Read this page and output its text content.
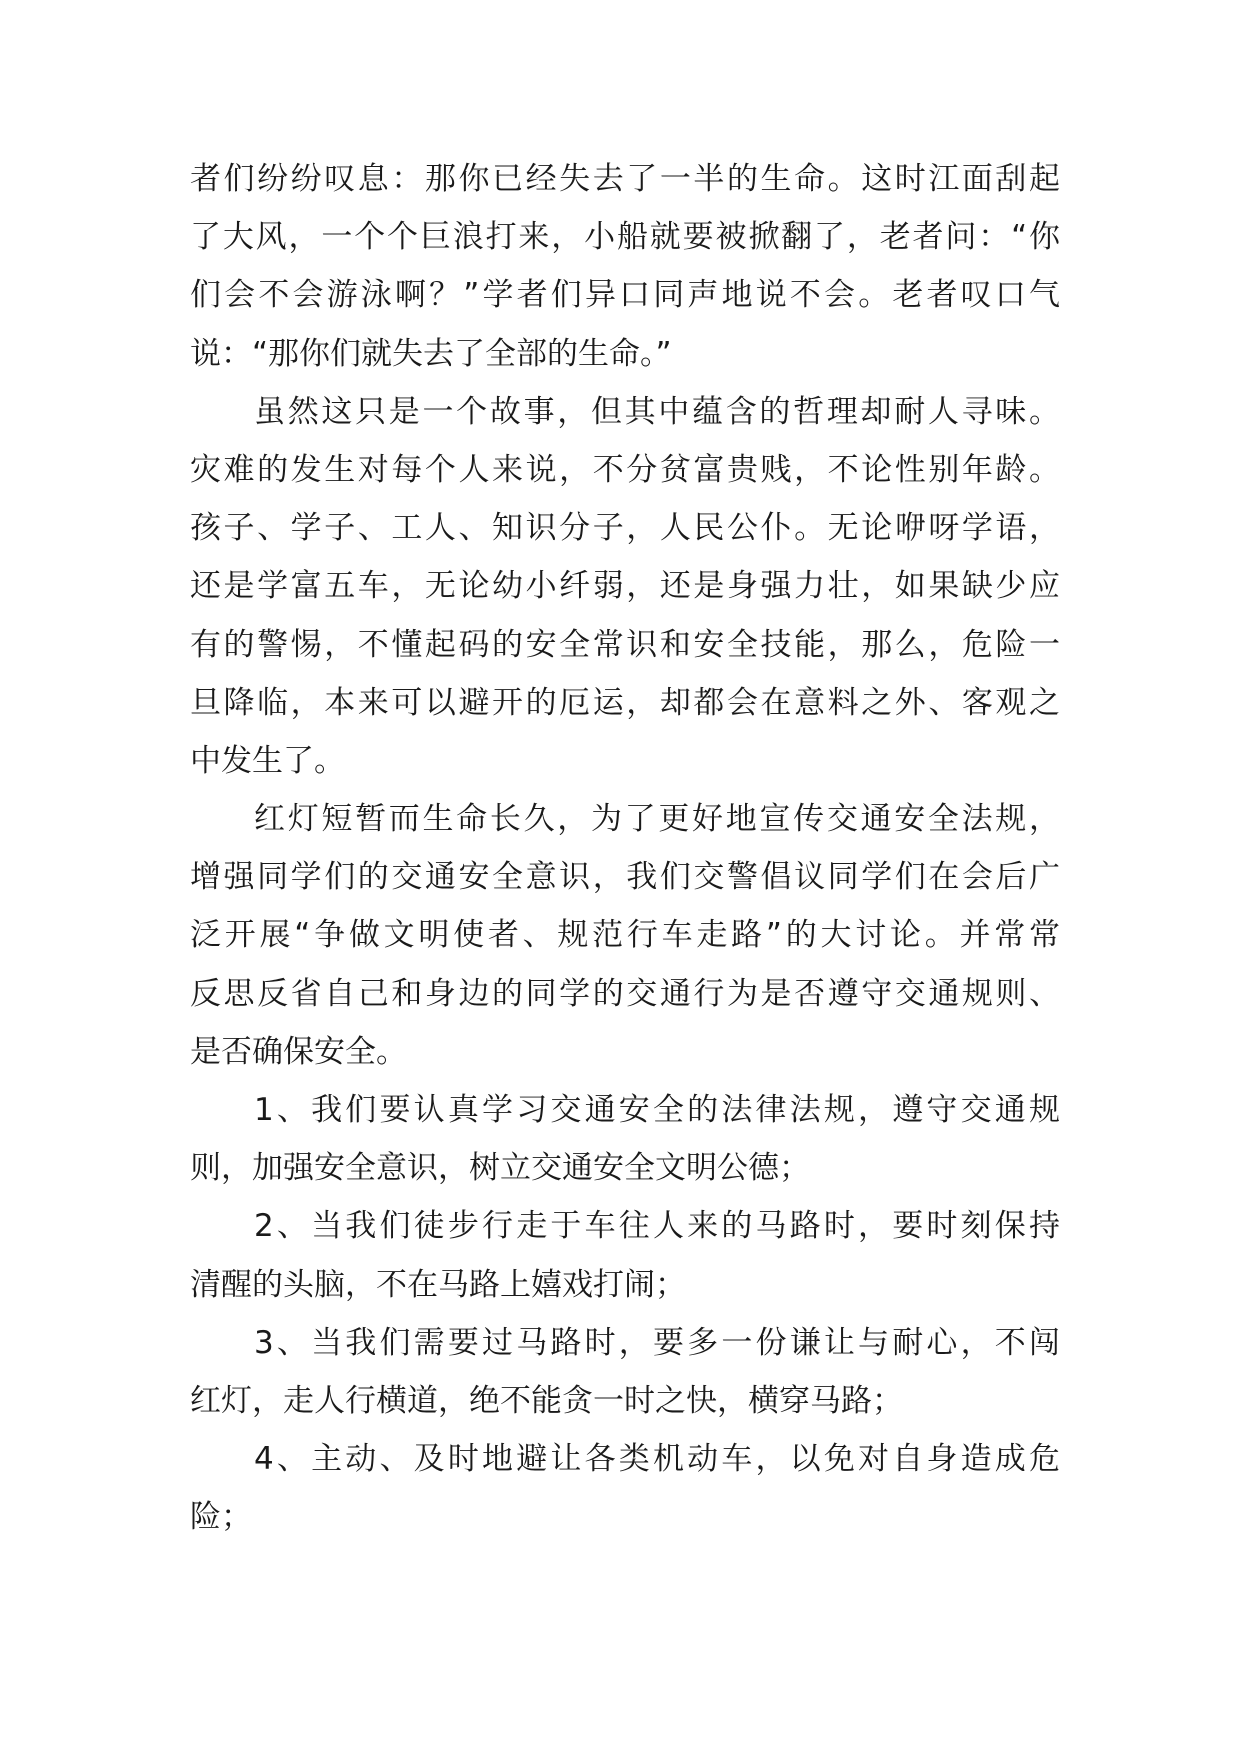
者们纷纷叹息：那你已经失去了一半的生命。这时江面刮起
了大风，一个个巨浪打来，小船就要被掀翻了，老者问：“你
们会不会游泳啊？”学者们异口同声地说不会。老者叹口气
说：“那你们就失去了全部的生命。”
虽然这只是一个故事，但其中蕴含的哲理却耐人寻味。
灾难的发生对每个人来说，不分贫富贵贱，不论性别年龄。
孩子、学子、工人、知识分子，人民公仆。无论咿呀学语，
还是学富五车，无论幼小纤弱，还是身强力壮，如果缺少应
有的警惕，不懂起码的安全常识和安全技能，那么，危险一
旦降临，本来可以避开的厄运，却都会在意料之外、客观之
中发生了。
红灯短暂而生命长久，为了更好地宣传交通安全法规，
增强同学们的交通安全意识，我们交警倡议同学们在会后广
泛开展“争做文明使者、规范行车走路”的大讨论。并常常
反思反省自己和身边的同学的交通行为是否遵守交通规则、
是否确保安全。
1、我们要认真学习交通安全的法律法规，遵守交通规
则，加强安全意识，树立交通安全文明公德；
2、当我们徒步行走于车往人来的马路时，要时刻保持
清醒的头脑，不在马路上嬉戏打闹；
3、当我们需要过马路时，要多一份谦让与耐心，不闯
红灯，走人行横道，绝不能贪一时之快，横穿马路；
4、主动、及时地避让各类机动车，以免对自身造成危
险；
